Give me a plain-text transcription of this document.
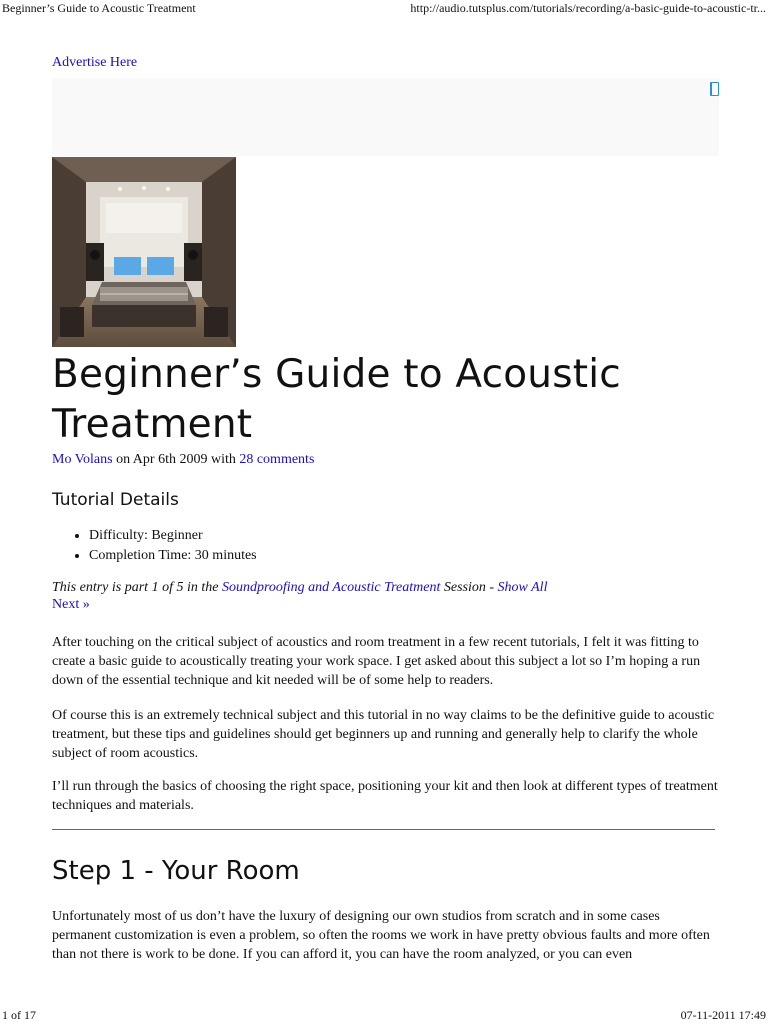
Beginner’s Guide to Acoustic Treatment	http://audio.tutsplus.com/tutorials/recording/a-basic-guide-to-acoustic-tr...
Advertise Here
Beginner’s Guide to Acoustic Treatment
Mo Volans on Apr 6th 2009 with 28 comments
Tutorial Details
• Difficulty: Beginner
• Completion Time: 30 minutes
This entry is part 1 of 5 in the Soundproofing and Acoustic Treatment Session - Show All
Next »

After touching on the critical subject of acoustics and room treatment in a few recent tutorials, I felt it was fitting to create a basic guide to acoustically treating your work space. I get asked about this subject a lot so I’m hoping a run down of the essential technique and kit needed will be of some help to readers.

Of course this is an extremely technical subject and this tutorial in no way claims to be the definitive guide to acoustic treatment, but these tips and guidelines should get beginners up and running and generally help to clarify the whole subject of room acoustics.

I’ll run through the basics of choosing the right space, positioning your kit and then look at different types of treatment techniques and materials.

Step 1 - Your Room

Unfortunately most of us don’t have the luxury of designing our own studios from scratch and in some cases permanent customization is even a problem, so often the rooms we work in have pretty obvious faults and more often than not there is work to be done. If you can afford it, you can have the room analyzed, or you can even

1 of 17	07-11-2011 17:49
